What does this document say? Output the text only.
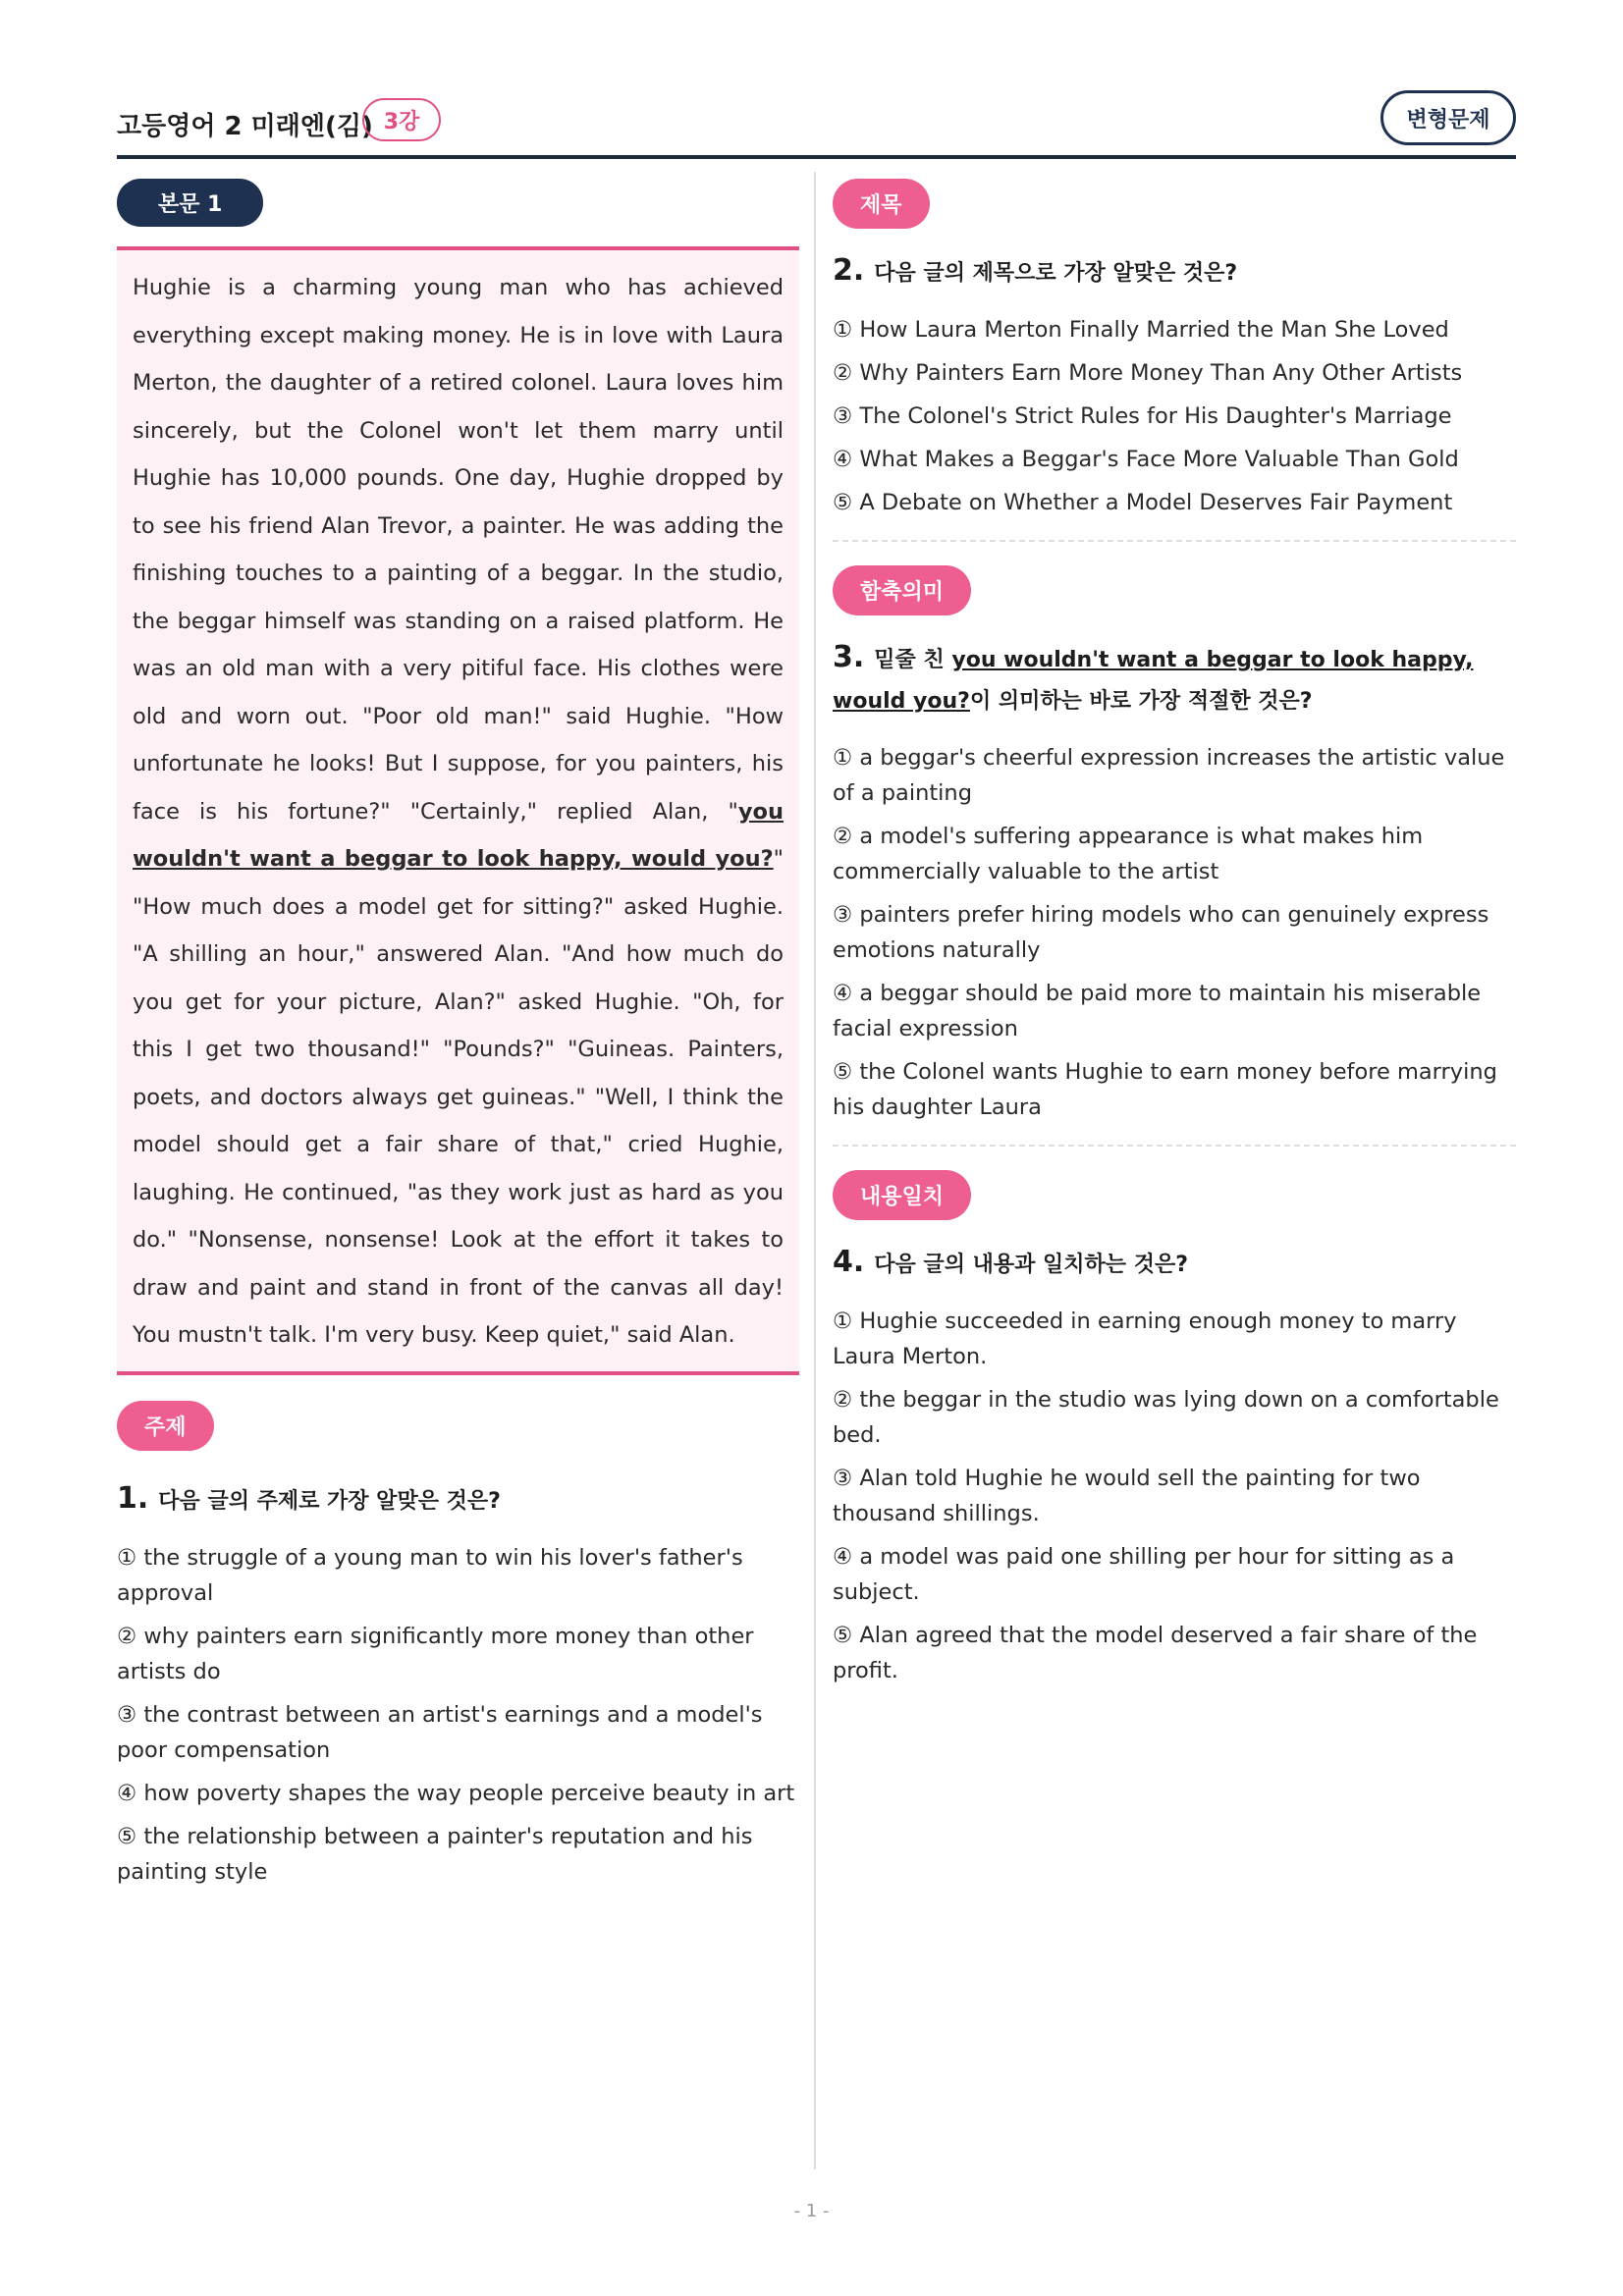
고등영어 2 미래엔(김) 3강	변형문제
본문 1
Hughie is a charming young man who has achieved everything except making money. He is in love with Laura Merton, the daughter of a retired colonel. Laura loves him sincerely, but the Colonel won't let them marry until Hughie has 10,000 pounds. One day, Hughie dropped by to see his friend Alan Trevor, a painter. He was adding the finishing touches to a painting of a beggar. In the studio, the beggar himself was standing on a raised platform. He was an old man with a very pitiful face. His clothes were old and worn out. "Poor old man!" said Hughie. "How unfortunate he looks! But I suppose, for you painters, his face is his fortune?" "Certainly," replied Alan, "you wouldn't want a beggar to look happy, would you?" "How much does a model get for sitting?" asked Hughie. "A shilling an hour," answered Alan. "And how much do you get for your picture, Alan?" asked Hughie. "Oh, for this I get two thousand!" "Pounds?" "Guineas. Painters, poets, and doctors always get guineas." "Well, I think the model should get a fair share of that," cried Hughie, laughing. He continued, "as they work just as hard as you do." "Nonsense, nonsense! Look at the effort it takes to draw and paint and stand in front of the canvas all day! You mustn't talk. I'm very busy. Keep quiet," said Alan.
주제
1. 다음 글의 주제로 가장 알맞은 것은?
① the struggle of a young man to win his lover's father's approval
② why painters earn significantly more money than other artists do
③ the contrast between an artist's earnings and a model's poor compensation
④ how poverty shapes the way people perceive beauty in art
⑤ the relationship between a painter's reputation and his painting style
제목
2. 다음 글의 제목으로 가장 알맞은 것은?
① How Laura Merton Finally Married the Man She Loved
② Why Painters Earn More Money Than Any Other Artists
③ The Colonel's Strict Rules for His Daughter's Marriage
④ What Makes a Beggar's Face More Valuable Than Gold
⑤ A Debate on Whether a Model Deserves Fair Payment
함축의미
3. 밑줄 친 you wouldn't want a beggar to look happy, would you?이 의미하는 바로 가장 적절한 것은?
① a beggar's cheerful expression increases the artistic value of a painting
② a model's suffering appearance is what makes him commercially valuable to the artist
③ painters prefer hiring models who can genuinely express emotions naturally
④ a beggar should be paid more to maintain his miserable facial expression
⑤ the Colonel wants Hughie to earn money before marrying his daughter Laura
내용일치
4. 다음 글의 내용과 일치하는 것은?
① Hughie succeeded in earning enough money to marry Laura Merton.
② the beggar in the studio was lying down on a comfortable bed.
③ Alan told Hughie he would sell the painting for two thousand shillings.
④ a model was paid one shilling per hour for sitting as a subject.
⑤ Alan agreed that the model deserved a fair share of the profit.
- 1 -
